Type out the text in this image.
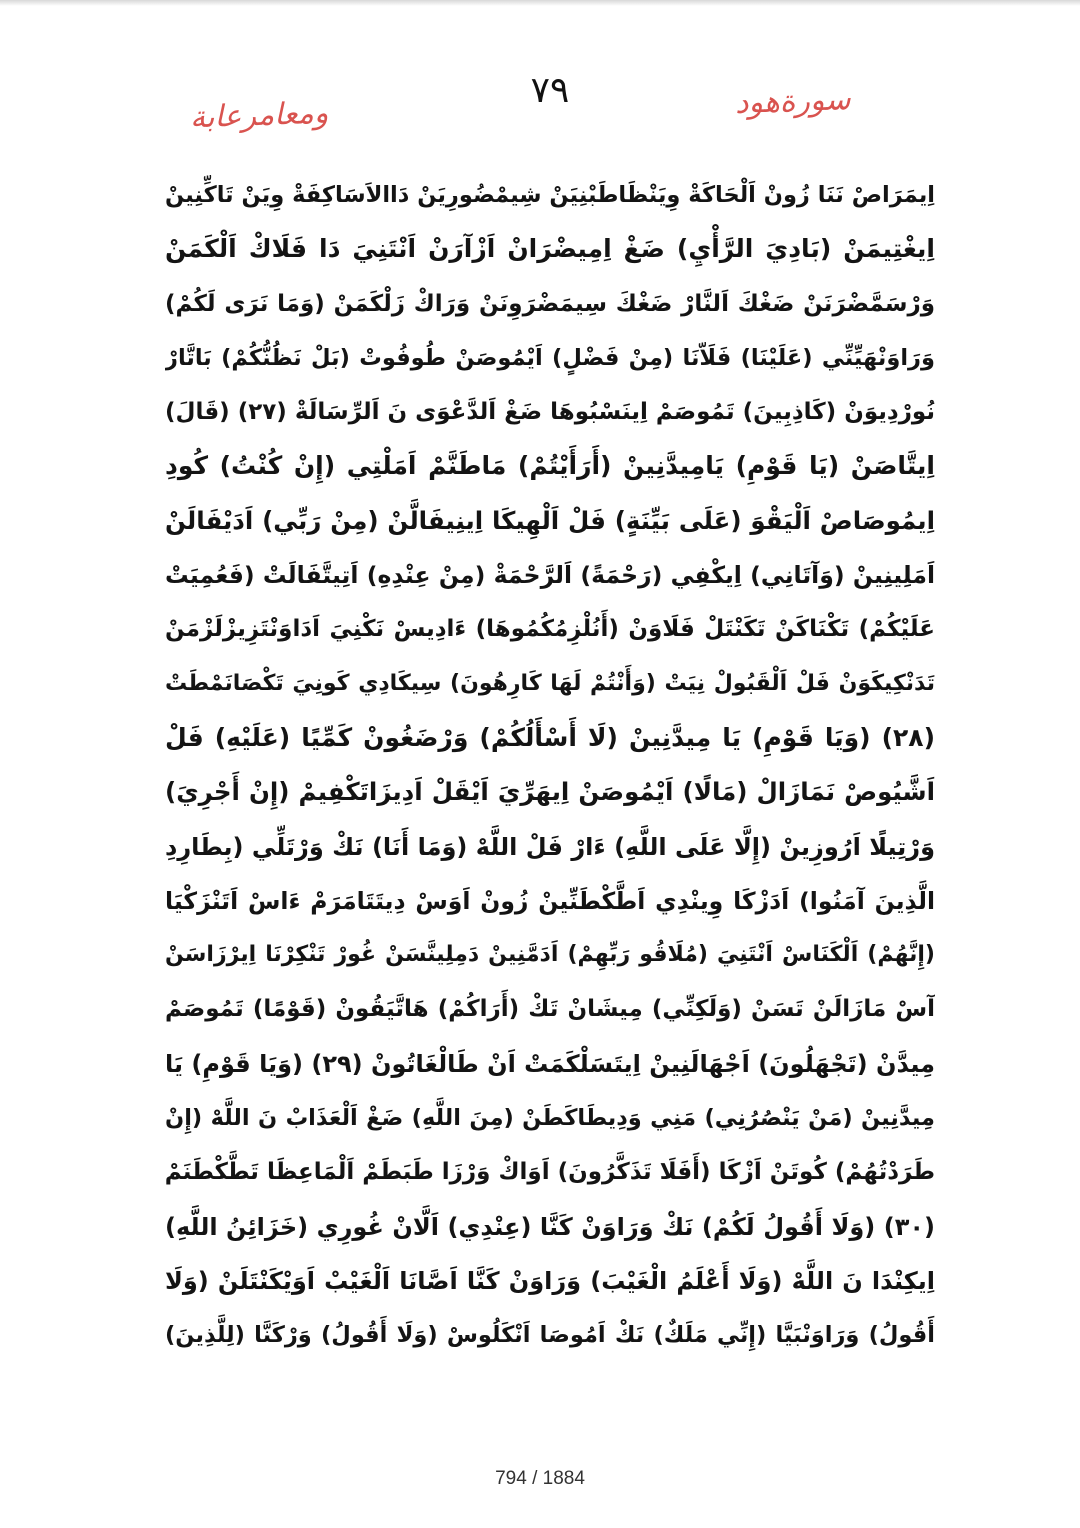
٧٩
ومعامرعابة	سورةهود
اِيمَرَاصْ نَنَا زُونْ اَلْحَاكَةْ وِيَنْظَاطَبْنِيَنْ شِيمْضُورِيَنْ دَاالاَسَاكِفَةْ وِيَنْ تَاكِّنِينْ
اِيغْتِيمَنْ (بَادِيَ الرَّأْيِ) ضَغْ اِمِيضْرَانْ اَزْآرَنْ اَنْتَنِيَ دَا فَلَاكْ اَلْكَمَنْ
وَرْسَمَّضْرَنَنْ ضَغْكَ اَلنَّارْ ضَغْكَ سِيمَضْرَوِنَنْ وَرَاكْ زَلْكَمَنْ (وَمَا نَرَى لَكُمْ)
وَرَاوَنْهَيِّنِّي (عَلَيْنَا) فَلَاّنَا (مِنْ فَضْلٍ) اَيْمُوصَنْ طُوفُوتْ (بَلْ نَظُنُّكُمْ) بَاتَّارْ
نُورْدِيوَنْ (كَاذِبِينَ) تَمُوصَمْ اِينَسْبُوهَا ضَغْ اَلدَّعْوَى نَ اَلرِّسَالَةْ (٢٧) (قَالَ)
اِيتَّاصَنْ (يَا قَوْمِ) يَامِيدَّنِينْ (أَرَأَيْتُمْ) مَاطَنَّمْ اَمَلْتِي (إِنْ كُنْتُ) كُودِ
اِيمُوصَاصْ اَلْيَقْوَ (عَلَى بَيِّنَةٍ) فَلْ اَلْهِيكَا اِينِيفَالَّنْ (مِنْ رَبِّي) اَدَيْفَالَنْ
اَمَلِينِينْ (وَآتَانِي) اِيكْفِي (رَحْمَةً) اَلرَّحْمَةْ (مِنْ عِنْدِهِ) اَتِيتَّفَالَتْ (فَعُمِيَتْ
عَلَيْكُمْ) تَكْنَاكَنْ تَكَنْتَلْ فَلَاوَنْ (أَنُلْزِمُكُمُوهَا) ءَادِيسْ نَكْنِيَ اَدَاوَنْتَزِيزْلَزْمَنْ
تَدَنْكِيكَوَنْ فَلْ اَلْقَبُولْ نِيَتْ (وَأَنْتُمْ لَهَا كَارِهُونَ) سِيكَادِي كَونِيَ تَكْصَانَمْطَتْ
(٢٨) (وَيَا قَوْمِ) يَا مِيدَّنِينْ (لَا أَسْأَلُكُمْ) وَرْضَغُونْ كَمِّيًا (عَلَيْهِ) فَلْ
اَشَّيُوصْ نَمَازَالْ (مَالًا) اَيْمُوصَنْ اِيهَرِّيَ اَيْقَلْ اَدِيزَاتَكْفِيمْ (إِنْ أَجْرِيَ)
وَرْتِيلًا اَرُوزِينْ (إِلَّا عَلَى اللَّهِ) ءَارْ فَلْ اللَّهْ (وَمَا أَنَا) نَكْ وَرْتَلِّي (بِطَارِدِ
الَّذِينَ آمَنُوا) اَدَزْكَا وِينْدِي اَطَّكْطَنِّينْ زُونْ اَوَسْ دِيتَتَامَرَمْ ءَاسْ اَتَنْزَكْيَا
(إِنَّهُمْ) اَلْكَنَاسْ اَنْتَنِيَ (مُلَاقُو رَبِّهِمْ) اَدَمَّنِينْ دَمِلِينَّسَنْ غُورْ تَنْكِرْنَا اِيرْزَاسَنْ
آسْ مَازَالَنْ تَسَنْ (وَلَكِنِّي) مِيشَانْ تَكْ (أَرَاكُمْ) هَاتَّيَقُونْ (قَوْمًا) تَمُوصَمْ
مِيدَّنْ (تَجْهَلُونَ) اَجْهَالَنِينْ اِيتَسَلْكَمَتْ اَنْ طَالْغَاتُونْ (٢٩) (وَيَا قَوْمِ) يَا
مِيدَّنِينْ (مَنْ يَنْصُرُنِي) مَنِي وَدِيطَاكَطَنْ (مِنَ اللَّهِ) ضَغْ اَلْعَذَابْ نَ اللَّهْ (إِنْ
طَرَدْتُهُمْ) كُوتَنْ اَزْكَا (أَفَلَا تَذَكَّرُونَ) اَوَاكْ وَرْزَا طَبَطَمْ اَلْمَاعِظَا تَطَّكْطَنَمْ
(٣٠) (وَلَا أَقُولُ لَكُمْ) نَكْ وَرَاوَنْ كَنَّا (عِنْدِي) اَلَّانْ غُورِي (خَزَائِنُ اللَّهِ)
اِيكِنْدَا نَ اللَّهْ (وَلَا أَعْلَمُ الْغَيْبَ) وَرَاوَنْ كَنَّا اَصَّانَا اَلْغَيْبْ اَوَيْكَنْتَلَنْ (وَلَا
أَقُولُ) وَرَاوَنْبَيَّا (إِنِّي مَلَكٌ) نَكْ اَمُوصَا اَنْكَلُوسْ (وَلَا أَقُولُ) وَرْكَنَّا (لِلَّذِينَ)
794 / 1884
